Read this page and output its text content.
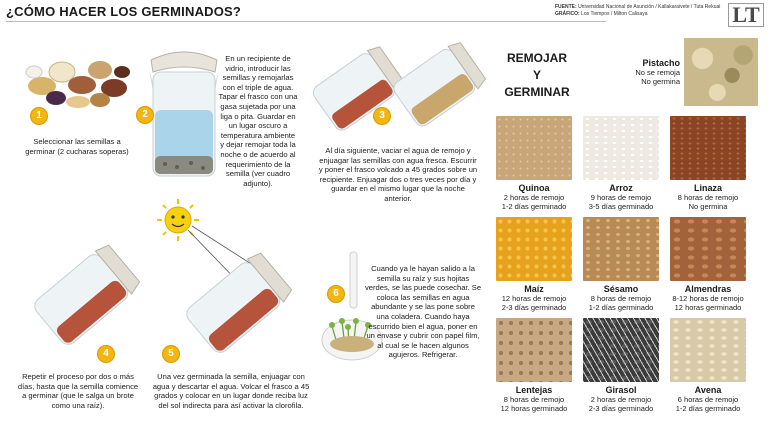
¿CÓMO HACER LOS GERMINADOS?	FUENTE: Universidad Nacional de Asunción / Kallakaraivete / Tuta Rekuai
GRÁFICO: Los Tiempos / Milton Calisaya	LT
1
Seleccionar las semillas a germinar (2 cucharas soperas)
2
En un recipiente de vidrio, introducir las semillas y remojarlas con el triple de agua. Tapar el frasco con una gasa sujetada por una liga o pita. Guardar en un lugar oscuro a temperatura ambiente y dejar remojar toda la noche o de acuerdo al requerimiento de la semilla (ver cuadro adjunto).
3
Al día siguiente, vaciar el agua de remojo y enjuagar las semillas con agua fresca. Escurrir y poner el frasco volcado a 45 grados sobre un recipiente. Enjuagar dos o tres veces por día y guardar en el mismo lugar que la noche anterior.
4
Repetir el proceso por dos o más días, hasta que la semilla comience a germinar (que le salga un brote como una raíz).
5
Una vez germinada la semilla, enjuagar con agua y descartar el agua. Volcar el frasco a 45 grados y colocar en un lugar donde reciba luz del sol indirecta para así activar la clorofila.
6
Cuando ya le hayan salido a la semilla su raíz y sus hojitas verdes, se las puede cosechar. Se coloca las semillas en agua abundante y se las pone sobre una coladera. Cuando haya escurrido bien el agua, poner en un envase y cubrir con papel film, al cual se le hacen algunos agujeros. Refrigerar.
REMOJAR
Y
GERMINAR
Pistacho
No se remoja
No germina
Quinoa
2 horas de remojo
1-2 días germinado
Arroz
9 horas de remojo
3-5 días germinado
Linaza
8 horas de remojo
No germina
Maíz
12 horas de remojo
2-3 días germinado
Sésamo
8 horas de remojo
1-2 días germinado
Almendras
8-12 horas de remojo
12 horas germinado
Lentejas
8 horas de remojo
12 horas germinado
Girasol
2 horas de remojo
2-3 días germinado
Avena
6 horas de remojo
1-2 días germinado
